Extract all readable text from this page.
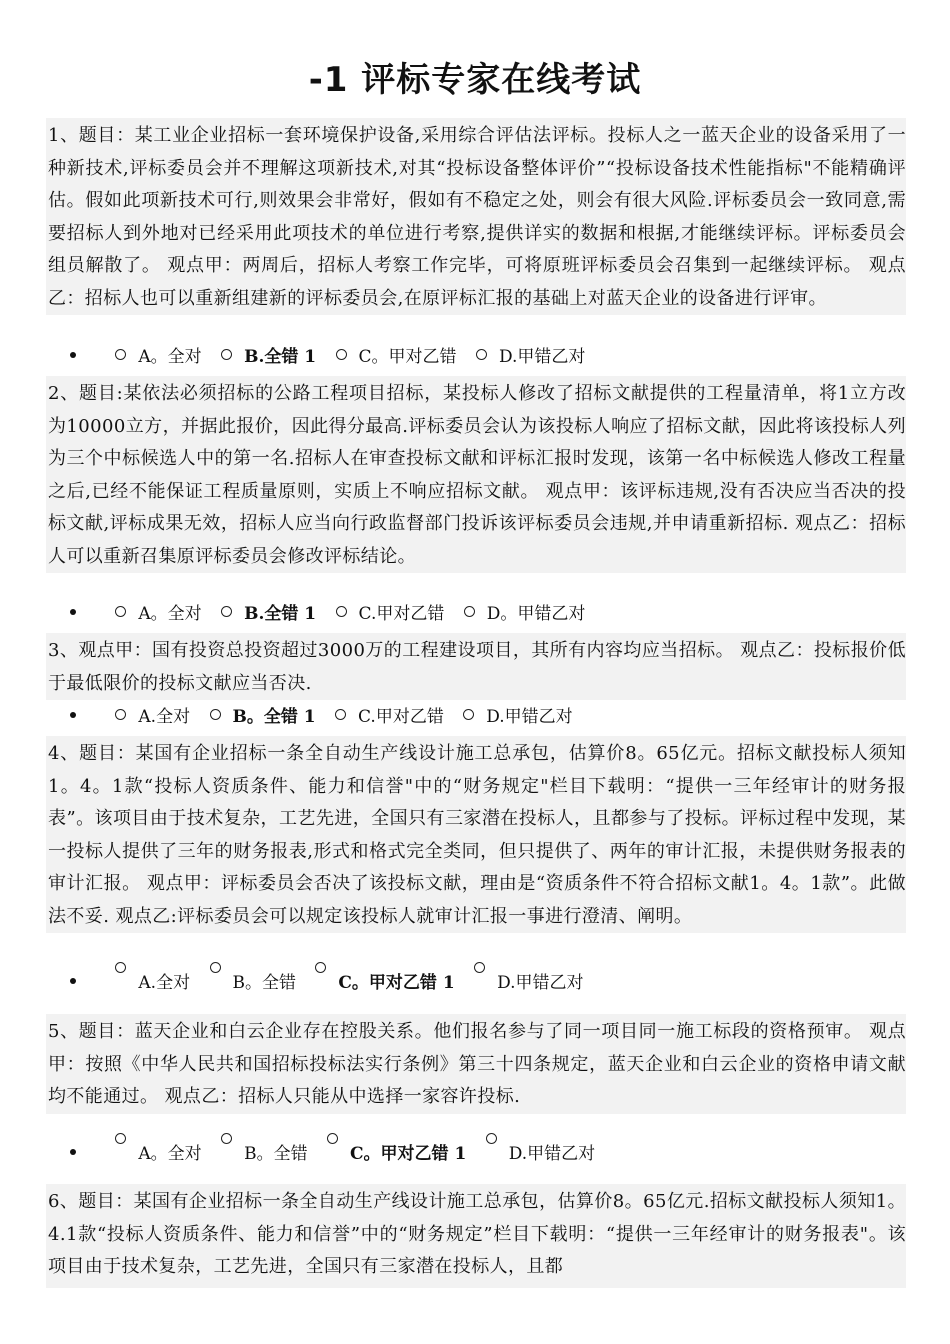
-1 评标专家在线考试
1、题目：某工业企业招标一套环境保护设备,采用综合评估法评标。投标人之一蓝天企业的设备采用了一种新技术,评标委员会并不理解这项新技术,对其“投标设备整体评价”“投标设备技术性能指标"不能精确评估。假如此项新技术可行,则效果会非常好，假如有不稳定之处，则会有很大风险.评标委员会一致同意,需要招标人到外地对已经采用此项技术的单位进行考察,提供详实的数据和根据,才能继续评标。评标委员会组员解散了。 观点甲：两周后，招标人考察工作完毕，可将原班评标委员会召集到一起继续评标。 观点乙：招标人也可以重新组建新的评标委员会,在原评标汇报的基础上对蓝天企业的设备进行评审。
A。全对 B.全错 1 C。甲对乙错 D.甲错乙对
2、题目:某依法必须招标的公路工程项目招标，某投标人修改了招标文献提供的工程量清单，将1立方改为10000立方，并据此报价，因此得分最高.评标委员会认为该投标人响应了招标文献，因此将该投标人列为三个中标候选人中的第一名.招标人在审查投标文献和评标汇报时发现，该第一名中标候选人修改工程量之后,已经不能保证工程质量原则，实质上不响应招标文献。 观点甲：该评标违规,没有否决应当否决的投标文献,评标成果无效，招标人应当向行政监督部门投诉该评标委员会违规,并申请重新招标. 观点乙：招标人可以重新召集原评标委员会修改评标结论。
A。全对 B.全错 1 C.甲对乙错 D。甲错乙对
3、观点甲：国有投资总投资超过3000万的工程建设项目，其所有内容均应当招标。 观点乙：投标报价低于最低限价的投标文献应当否决.
A.全对 B。全错 1 C.甲对乙错 D.甲错乙对
4、题目：某国有企业招标一条全自动生产线设计施工总承包，估算价8。65亿元。招标文献投标人须知1。4。1款“投标人资质条件、能力和信誉"中的“财务规定"栏目下载明：“提供一三年经审计的财务报表”。该项目由于技术复杂，工艺先进，全国只有三家潜在投标人，且都参与了投标。评标过程中发现，某一投标人提供了三年的财务报表,形式和格式完全类同，但只提供了、两年的审计汇报，未提供财务报表的审计汇报。 观点甲：评标委员会否决了该投标文献，理由是“资质条件不符合招标文献1。4。1款”。此做法不妥. 观点乙:评标委员会可以规定该投标人就审计汇报一事进行澄清、阐明。
A.全对 B。全错 C。甲对乙错 1 D.甲错乙对
5、题目：蓝天企业和白云企业存在控股关系。他们报名参与了同一项目同一施工标段的资格预审。 观点甲：按照《中华人民共和国招标投标法实行条例》第三十四条规定，蓝天企业和白云企业的资格申请文献均不能通过。 观点乙：招标人只能从中选择一家容许投标.
A。全对 B。全错 C。甲对乙错 1 D.甲错乙对
6、题目：某国有企业招标一条全自动生产线设计施工总承包，估算价8。65亿元.招标文献投标人须知1。4.1款“投标人资质条件、能力和信誉”中的“财务规定”栏目下载明：“提供一三年经审计的财务报表"。该项目由于技术复杂，工艺先进，全国只有三家潜在投标人，且都
